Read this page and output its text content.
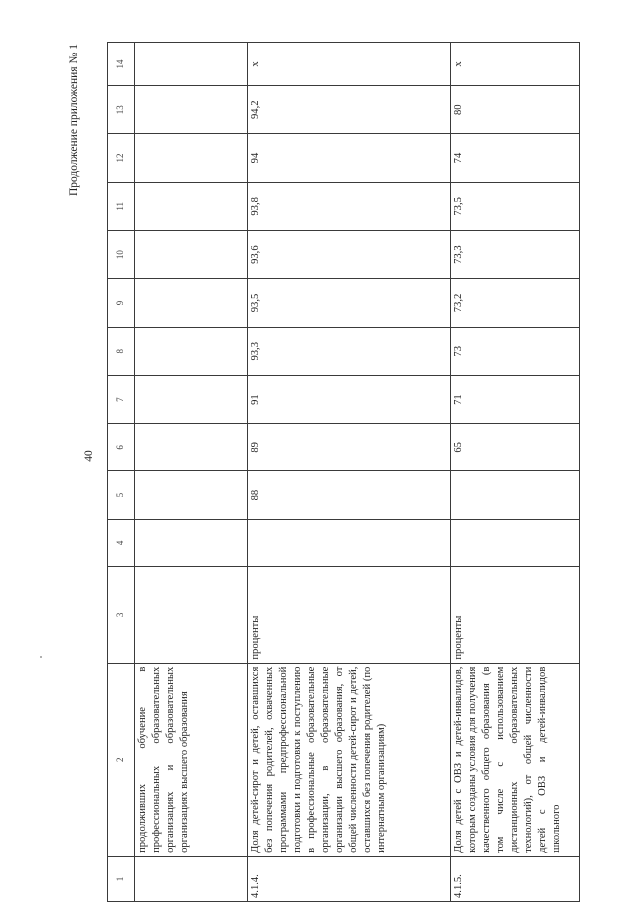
Продолжение приложения № 1
40
1	2	3	4	5	6	7	8	9	10	11	12	13	14
	продолживших обучение в профессиональных образовательных организациях и образовательных организациях высшего образования												
4.1.4.	Доля детей-сирот и детей, оставшихся без попечения родителей, охваченных программами предпрофессиональной подготовки и подготовки к поступлению в профессиональные образовательные организации, в образовательные организации высшего образования, от общей численности детей-сирот и детей, оставшихся без попечения родителей (по интернатным организациям)	проценты		88	89	91	93,3	93,5	93,6	93,8	94	94,2	х
4.1.5.	Доля детей с ОВЗ и детей-инвалидов, которым созданы условия для получения качественного общего образования (в том числе с использованием дистанционных образовательных технологий), от общей численности детей с ОВЗ и детей-инвалидов школьного	проценты			65	71	73	73,2	73,3	73,5	74	80	х
